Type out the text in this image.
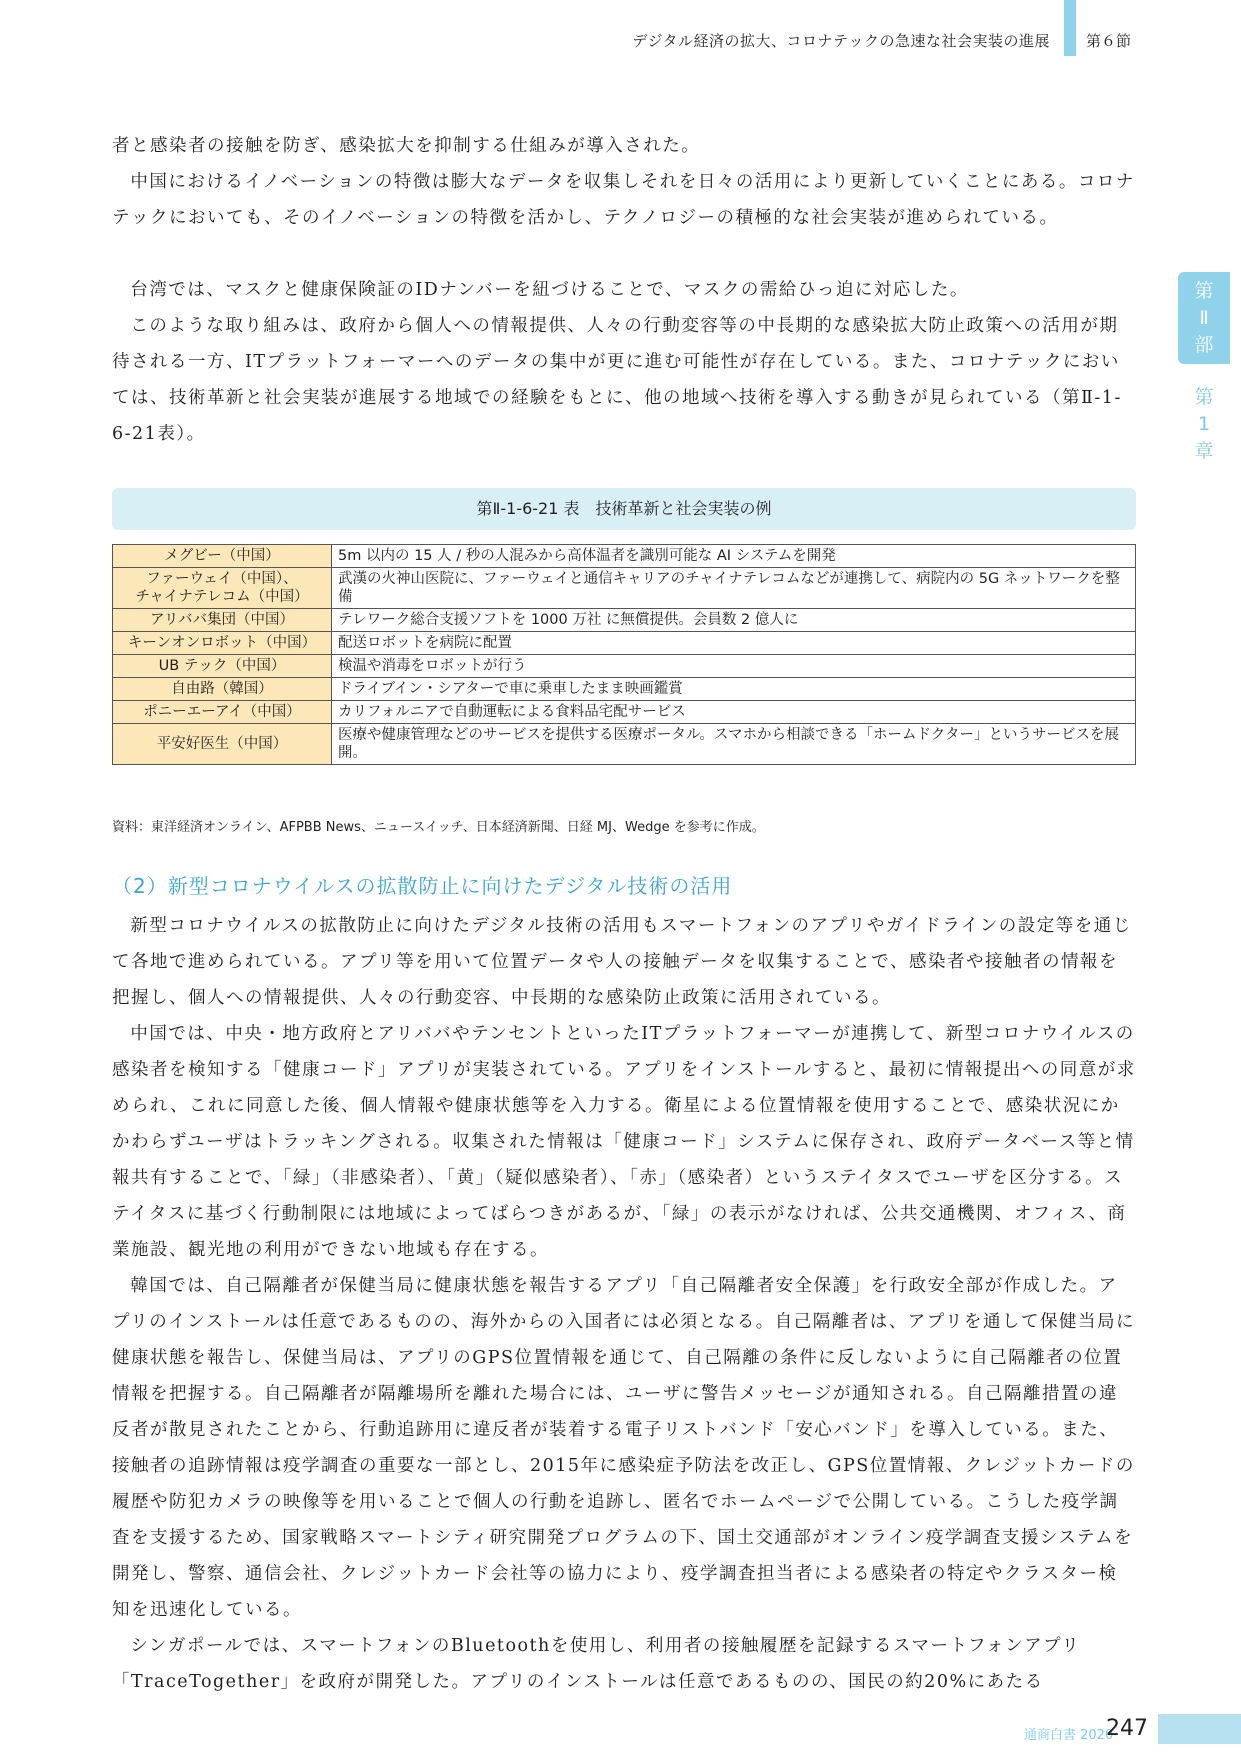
デジタル経済の拡大、コロナテックの急速な社会実装の進展 第６節
第
Ⅱ
部
第
1
章

者と感染者の接触を防ぎ、感染拡大を抑制する仕組みが導入された。

中国におけるイノベーションの特徴は膨大なデータを収集しそれを日々の活用により更新していくことにある。コロナテックにおいても、そのイノベーションの特徴を活かし、テクノロジーの積極的な社会実装が進められている。

台湾では、マスクと健康保険証のIDナンバーを紐づけることで、マスクの需給ひっ迫に対応した。

このような取り組みは、政府から個人への情報提供、人々の行動変容等の中長期的な感染拡大防止政策への活用が期待される一方、ITプラットフォーマーへのデータの集中が更に進む可能性が存在している。また、コロナテックにおいては、技術革新と社会実装が進展する地域での経験をもとに、他の地域へ技術を導入する動きが見られている（第Ⅱ-1-6-21表）。

第Ⅱ-1-6-21 表　技術革新と社会実装の例
メグビー（中国）	5m 以内の 15 人 / 秒の人混みから高体温者を識別可能な AI システムを開発
ファーウェイ（中国）、
チャイナテレコム（中国）	武漢の火神山医院に、ファーウェイと通信キャリアのチャイナテレコムなどが連携して、病院内の 5G ネットワークを整備
アリババ集団（中国）	テレワーク総合支援ソフトを 1000 万社 に無償提供。会員数 2 億人に
キーンオンロボット（中国）	配送ロボットを病院に配置
UB テック（中国）	検温や消毒をロボットが行う
自由路（韓国）	ドライブイン・シアターで車に乗車したまま映画鑑賞
ポニーエーアイ（中国）	カリフォルニアで自動運転による食料品宅配サービス
平安好医生（中国）	医療や健康管理などのサービスを提供する医療ポータル。スマホから相談できる「ホームドクター」というサービスを展開。
資料：東洋経済オンライン、AFPBB News、ニュースイッチ、日本経済新聞、日経 MJ、Wedge を参考に作成。
（2）新型コロナウイルスの拡散防止に向けたデジタル技術の活用

新型コロナウイルスの拡散防止に向けたデジタル技術の活用もスマートフォンのアプリやガイドラインの設定等を通じて各地で進められている。アプリ等を用いて位置データや人の接触データを収集することで、感染者や接触者の情報を把握し、個人への情報提供、人々の行動変容、中長期的な感染防止政策に活用されている。

中国では、中央・地方政府とアリババやテンセントといったITプラットフォーマーが連携して、新型コロナウイルスの感染者を検知する「健康コード」アプリが実装されている。アプリをインストールすると、最初に情報提出への同意が求められ、これに同意した後、個人情報や健康状態等を入力する。衛星による位置情報を使用することで、感染状況にかかわらずユーザはトラッキングされる。収集された情報は「健康コード」システムに保存され、政府データベース等と情報共有することで、「緑」（非感染者）、「黄」（疑似感染者）、「赤」（感染者）というステイタスでユーザを区分する。ステイタスに基づく行動制限には地域によってばらつきがあるが、「緑」の表示がなければ、公共交通機関、オフィス、商業施設、観光地の利用ができない地域も存在する。

韓国では、自己隔離者が保健当局に健康状態を報告するアプリ「自己隔離者安全保護」を行政安全部が作成した。アプリのインストールは任意であるものの、海外からの入国者には必須となる。自己隔離者は、アプリを通して保健当局に健康状態を報告し、保健当局は、アプリのGPS位置情報を通じて、自己隔離の条件に反しないように自己隔離者の位置情報を把握する。自己隔離者が隔離場所を離れた場合には、ユーザに警告メッセージが通知される。自己隔離措置の違反者が散見されたことから、行動追跡用に違反者が装着する電子リストバンド「安心バンド」を導入している。また、接触者の追跡情報は疫学調査の重要な一部とし、2015年に感染症予防法を改正し、GPS位置情報、クレジットカードの履歴や防犯カメラの映像等を用いることで個人の行動を追跡し、匿名でホームページで公開している。こうした疫学調査を支援するため、国家戦略スマートシティ研究開発プログラムの下、国土交通部がオンライン疫学調査支援システムを開発し、警察、通信会社、クレジットカード会社等の協力により、疫学調査担当者による感染者の特定やクラスター検知を迅速化している。

シンガポールでは、スマートフォンのBluetoothを使用し、利用者の接触履歴を記録するスマートフォンアプリ「TraceTogether」を政府が開発した。アプリのインストールは任意であるものの、国民の約20%にあたる

通商白書 2020
247
